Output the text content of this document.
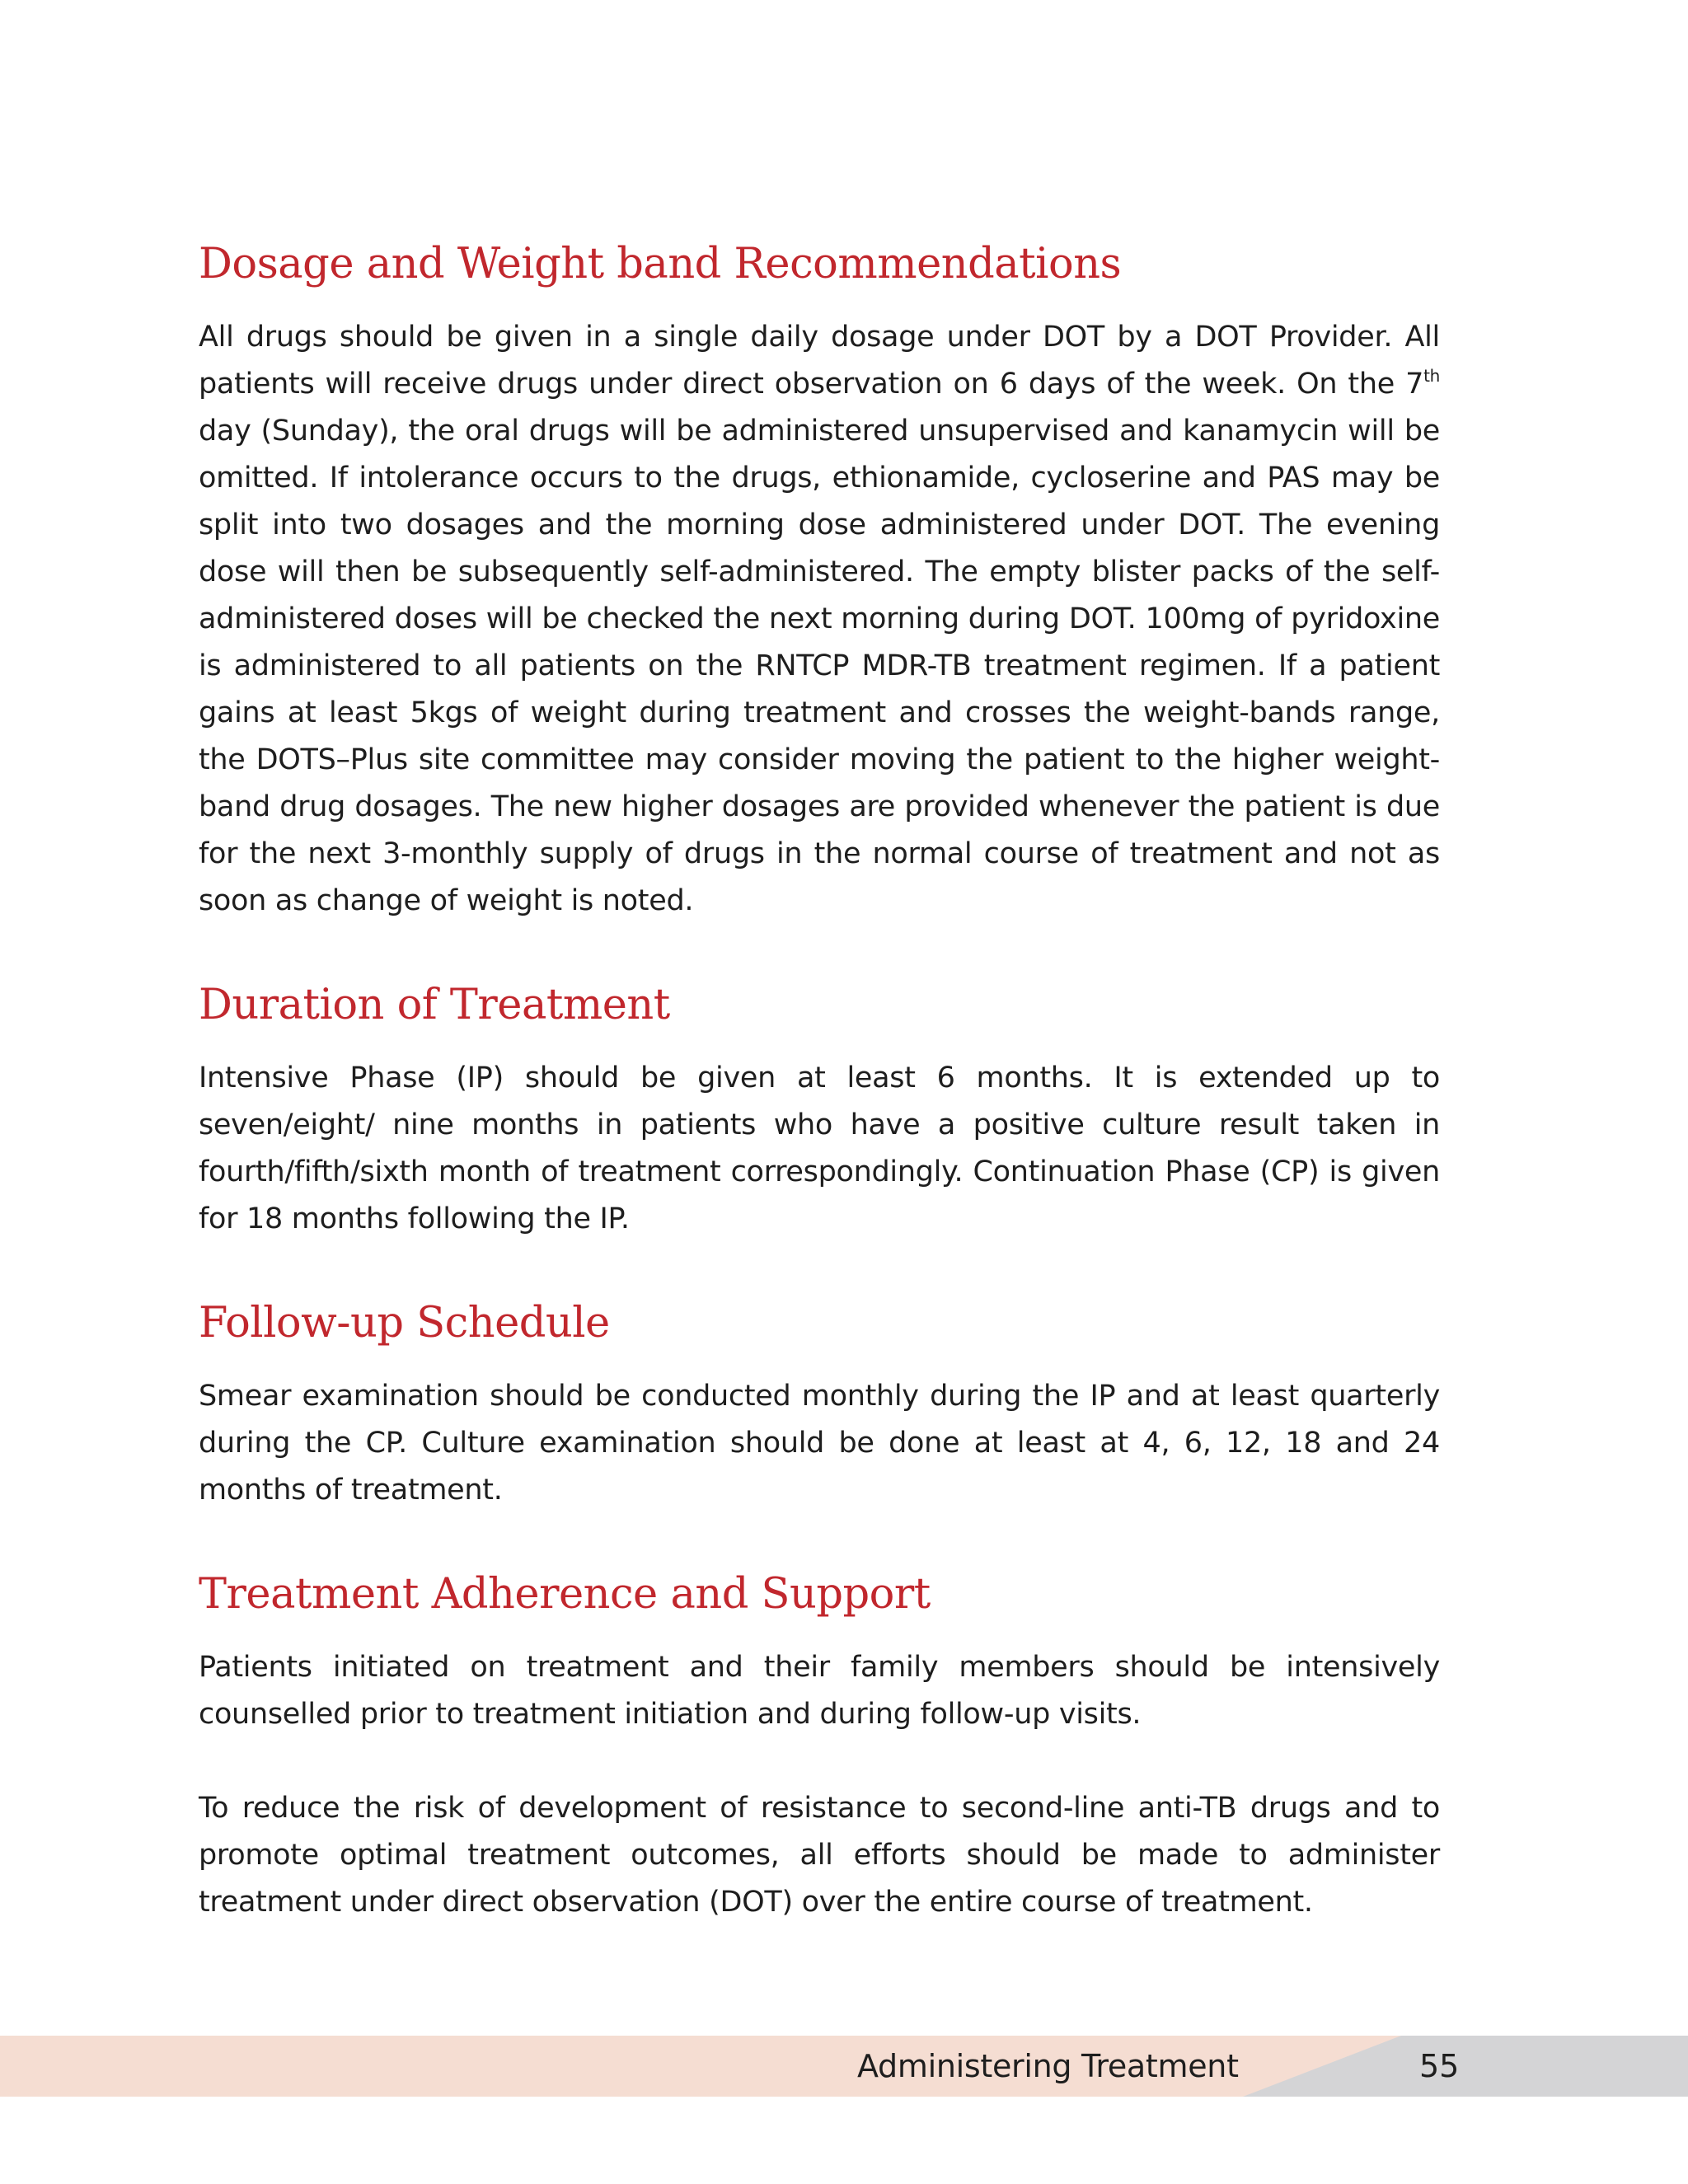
Dosage and Weight band Recommendations

All drugs should be given in a single daily dosage under DOT by a DOT Provider. All patients will receive drugs under direct observation on 6 days of the week. On the 7th day (Sunday), the oral drugs will be administered unsupervised and kanamycin will be omitted. If intolerance occurs to the drugs, ethionamide, cycloserine and PAS may be split into two dosages and the morning dose administered under DOT. The evening dose will then be subsequently self-administered. The empty blister packs of the self-administered doses will be checked the next morning during DOT. 100mg of pyridoxine is administered to all patients on the RNTCP MDR-TB treatment regimen. If a patient gains at least 5kgs of weight during treatment and crosses the weight-bands range, the DOTS–Plus site committee may consider moving the patient to the higher weight-band drug dosages. The new higher dosages are provided whenever the patient is due for the next 3-monthly supply of drugs in the normal course of treatment and not as soon as change of weight is noted.

Duration of Treatment

Intensive Phase (IP) should be given at least 6 months. It is extended up to seven/eight/ nine months in patients who have a positive culture result taken in fourth/fifth/sixth month of treatment correspondingly. Continuation Phase (CP) is given for 18 months following the IP.

Follow-up Schedule

Smear examination should be conducted monthly during the IP and at least quarterly during the CP. Culture examination should be done at least at 4, 6, 12, 18 and 24 months of treatment.

Treatment Adherence and Support

Patients initiated on treatment and their family members should be intensively counselled prior to treatment initiation and during follow-up visits.

To reduce the risk of development of resistance to second-line anti-TB drugs and to promote optimal treatment outcomes, all efforts should be made to administer treatment under direct observation (DOT) over the entire course of treatment.

Administering Treatment	55
